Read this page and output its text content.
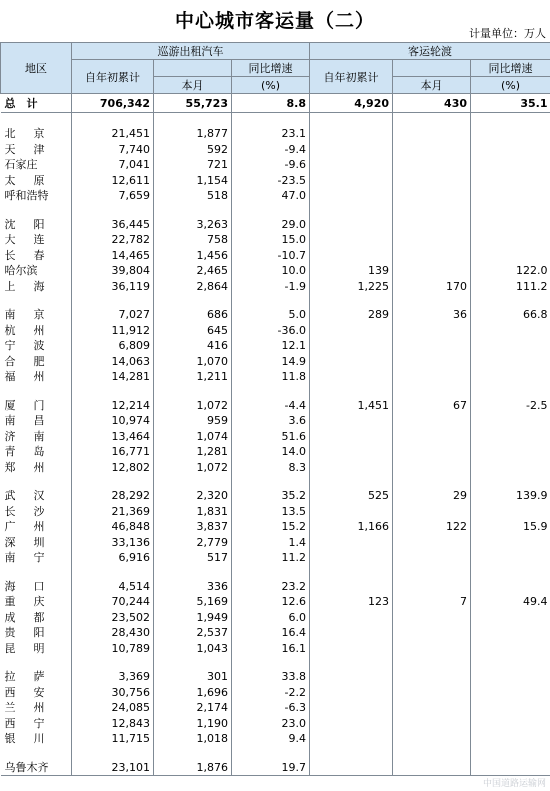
中心城市客运量（二）
计量单位：万人
地区	巡游出租汽车			客运轮渡		
	自年初累计		同比增速	自年初累计		同比增速
		本月	(%)		本月	(%)
总　计	706,342	55,723	8.8	4,920	430	35.1

北 京	21,451	1,877	23.1			

天 津	7,740	592	-9.4			
石家庄	7,041	721	-9.6			

太 原	12,611	1,154	-23.5			
呼和浩特	7,659	518	47.0			

沈 阳	36,445	3,263	29.0			

大 连	22,782	758	15.0			

长 春	14,465	1,456	-10.7			
哈尔滨	39,804	2,465	10.0	139		122.0

上 海	36,119	2,864	-1.9	1,225	170	111.2

南 京	7,027	686	5.0	289	36	66.8

杭 州	11,912	645	-36.0			

宁 波	6,809	416	12.1			

合 肥	14,063	1,070	14.9			

福 州	14,281	1,211	11.8			

厦 门	12,214	1,072	-4.4	1,451	67	-2.5

南 昌	10,974	959	3.6			

济 南	13,464	1,074	51.6			

青 岛	16,771	1,281	14.0			

郑 州	12,802	1,072	8.3			

武 汉	28,292	2,320	35.2	525	29	139.9

长 沙	21,369	1,831	13.5			

广 州	46,848	3,837	15.2	1,166	122	15.9

深 圳	33,136	2,779	1.4			

南 宁	6,916	517	11.2			

海 口	4,514	336	23.2			

重 庆	70,244	5,169	12.6	123	7	49.4

成 都	23,502	1,949	6.0			

贵 阳	28,430	2,537	16.4			

昆 明	10,789	1,043	16.1			

拉 萨	3,369	301	33.8			

西 安	30,756	1,696	-2.2			

兰 州	24,085	2,174	-6.3			

西 宁	12,843	1,190	23.0			

银 川	11,715	1,018	9.4			

乌鲁木齐	23,101	1,876	19.7			
中国道路运输网
